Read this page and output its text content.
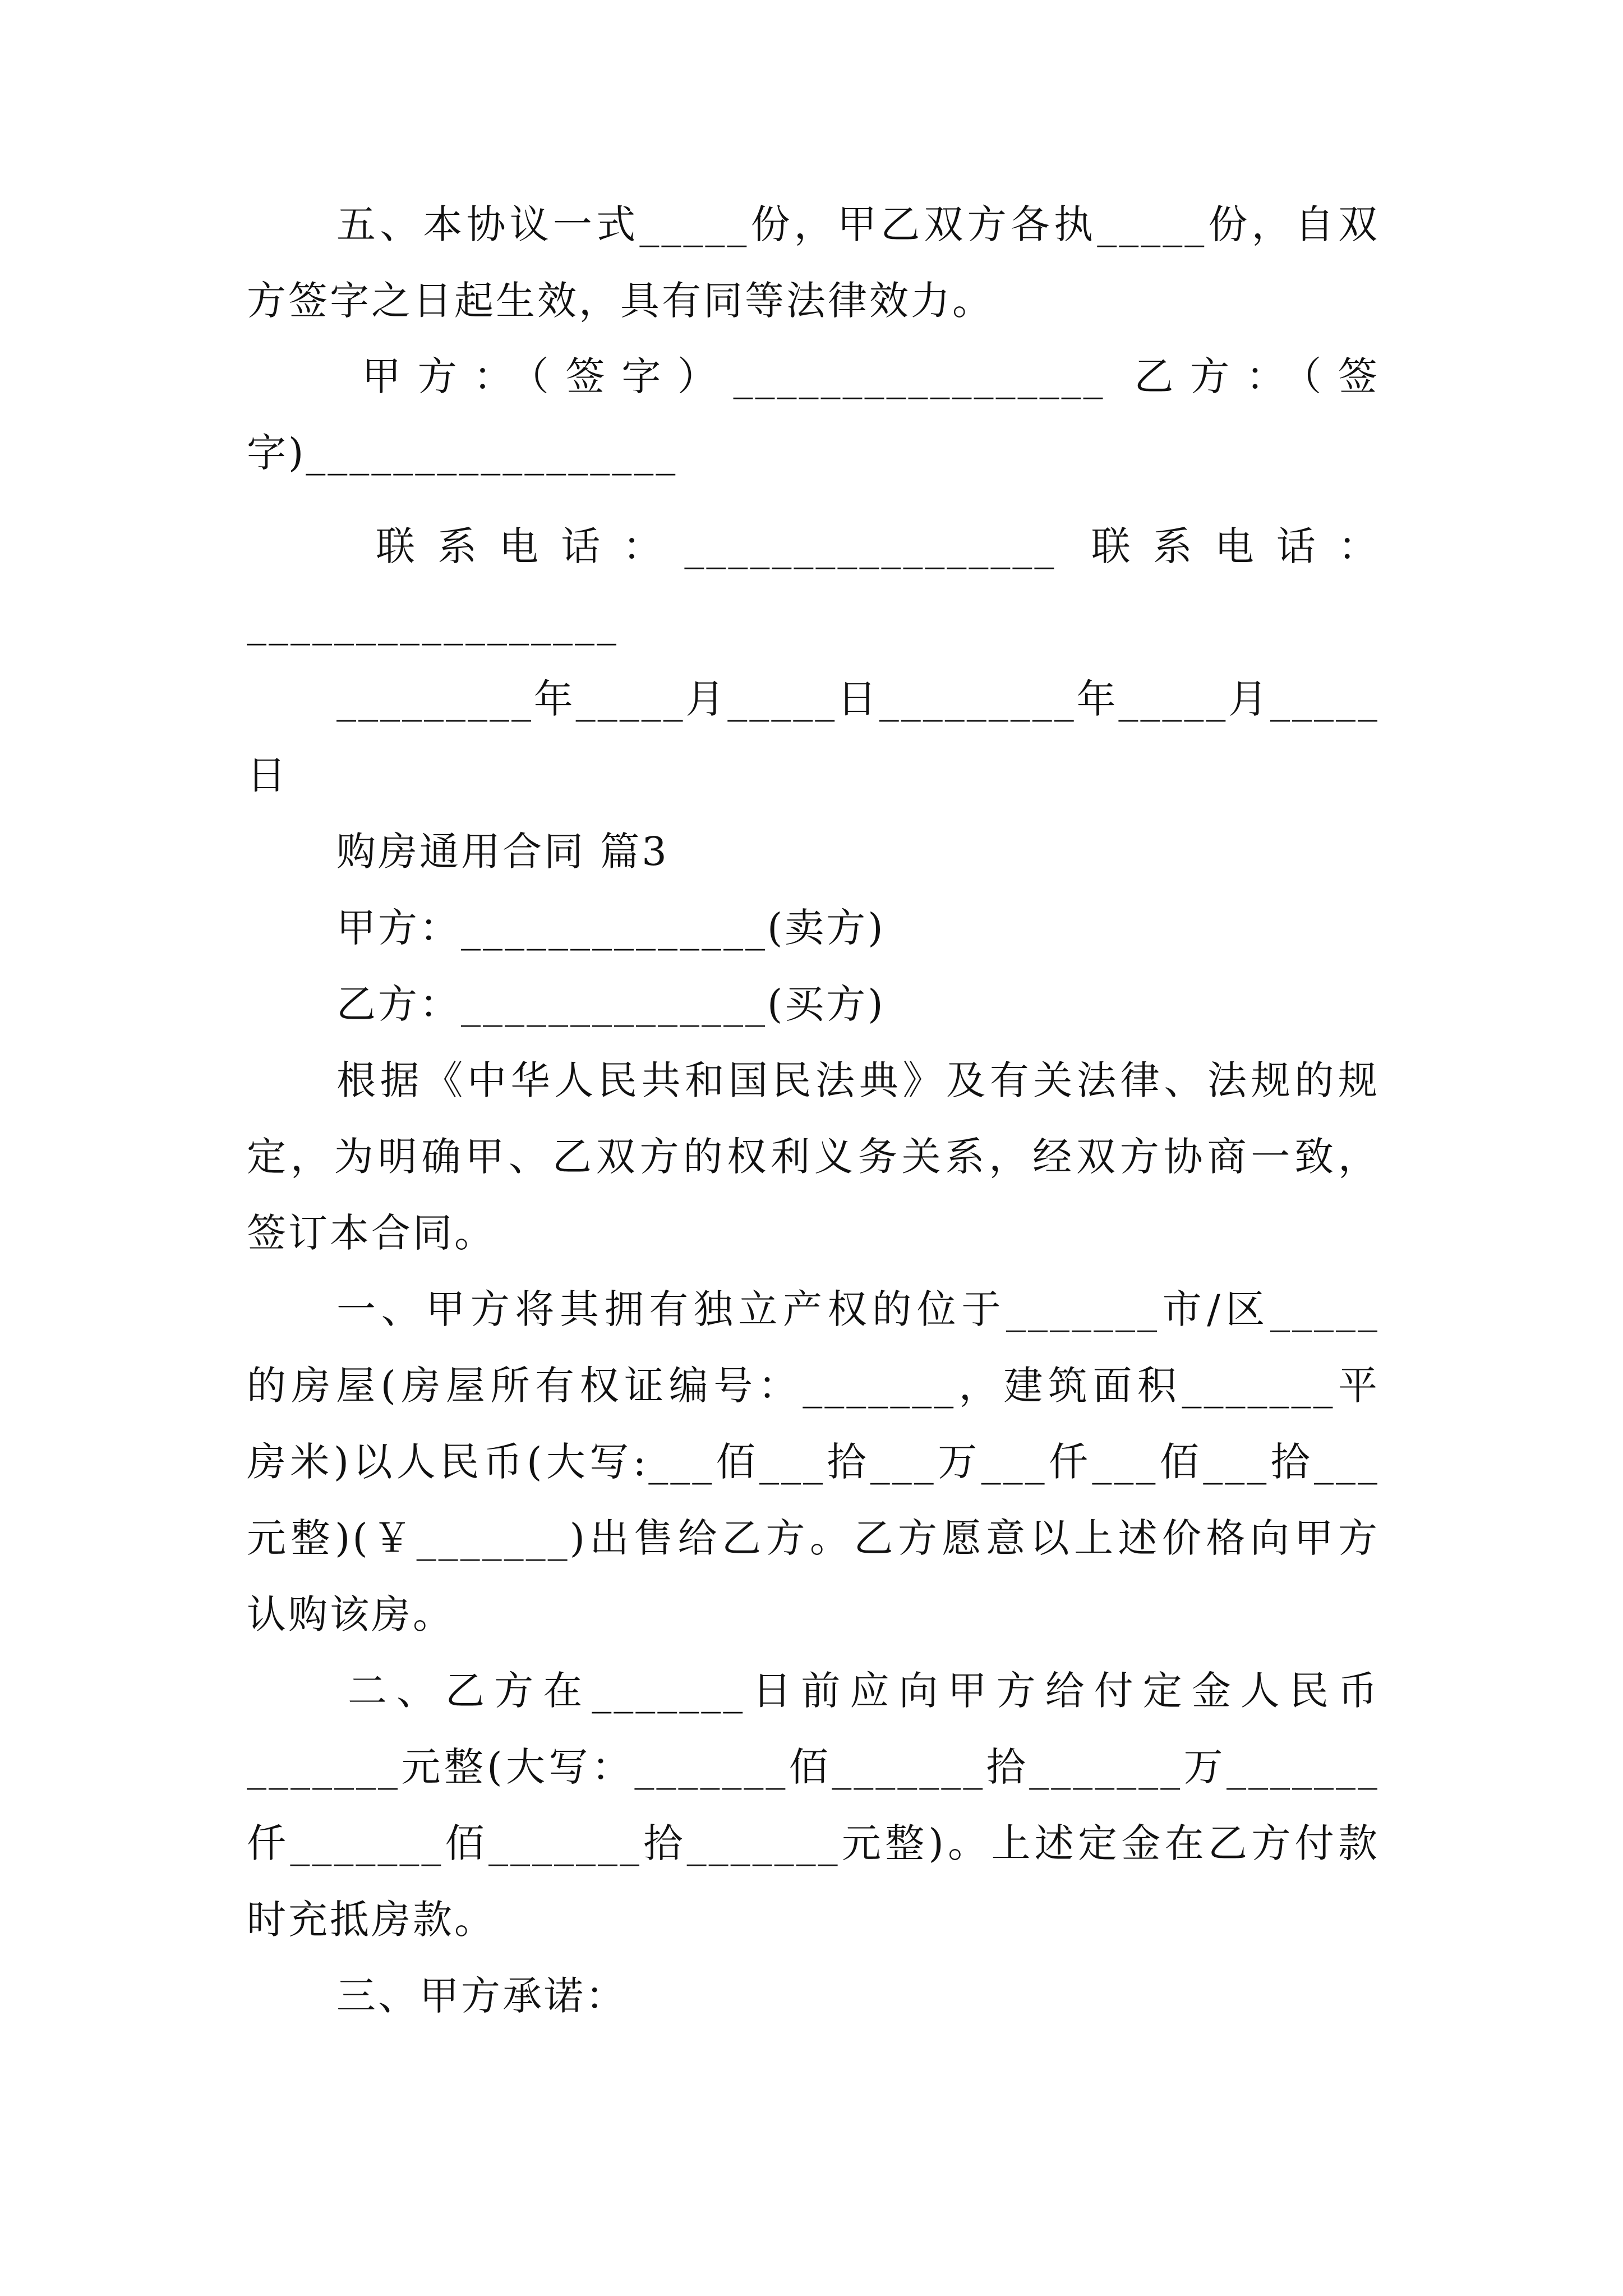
五、本协议一式_____份，甲乙双方各执_____份，自双
方签字之日起生效，具有同等法律效力。
甲方：（签字）_________________ 乙方：（签
字)_________________
联系电话：_________________ 联系电话：
_________________
_________年_____月_____日_________年_____月_____
日
购房通用合同 篇3
甲方：______________(卖方)
乙方：______________(买方)
根据《中华人民共和国民法典》及有关法律、法规的规
定，为明确甲、乙双方的权利义务关系，经双方协商一致，
签订本合同。
一、甲方将其拥有独立产权的位于_______市/区_____
的房屋(房屋所有权证编号：_______，建筑面积_______平
房米)以人民币(大写:___佰___拾___万___仟___佰___拾___
元整)(￥_______)出售给乙方。乙方愿意以上述价格向甲方
认购该房。
二、乙方在_______日前应向甲方给付定金人民币
_______元整(大写：_______佰_______拾_______万_______
仟_______佰_______拾_______元整)。上述定金在乙方付款
时充抵房款。
三、甲方承诺：
